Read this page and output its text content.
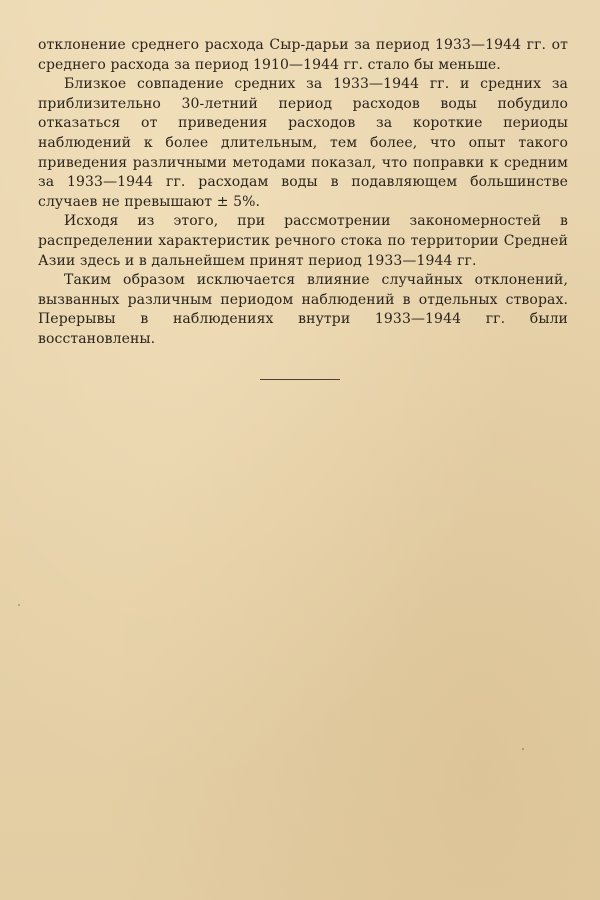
отклонение среднего расхода Сыр-дарьи за период 1933—1944 гг. от среднего расхода за период 1910—1944 гг. стало бы меньше.

Близкое совпадение средних за 1933—1944 гг. и средних за приблизительно 30-летний период расходов воды побудило отказаться от приведения расходов за короткие периоды наблюдений к более длительным, тем более, что опыт такого приведения различными методами показал, что поправки к средним за 1933—1944 гг. расходам воды в подавляющем большинстве случаев не превышают ± 5%.

Исходя из этого, при рассмотрении закономерностей в распределении характеристик речного стока по территории Средней Азии здесь и в дальнейшем принят период 1933—1944 гг.

Таким образом исключается влияние случайных отклонений, вызванных различным периодом наблюдений в отдельных створах. Перерывы в наблюдениях внутри 1933—1944 гг. были восстановлены.
